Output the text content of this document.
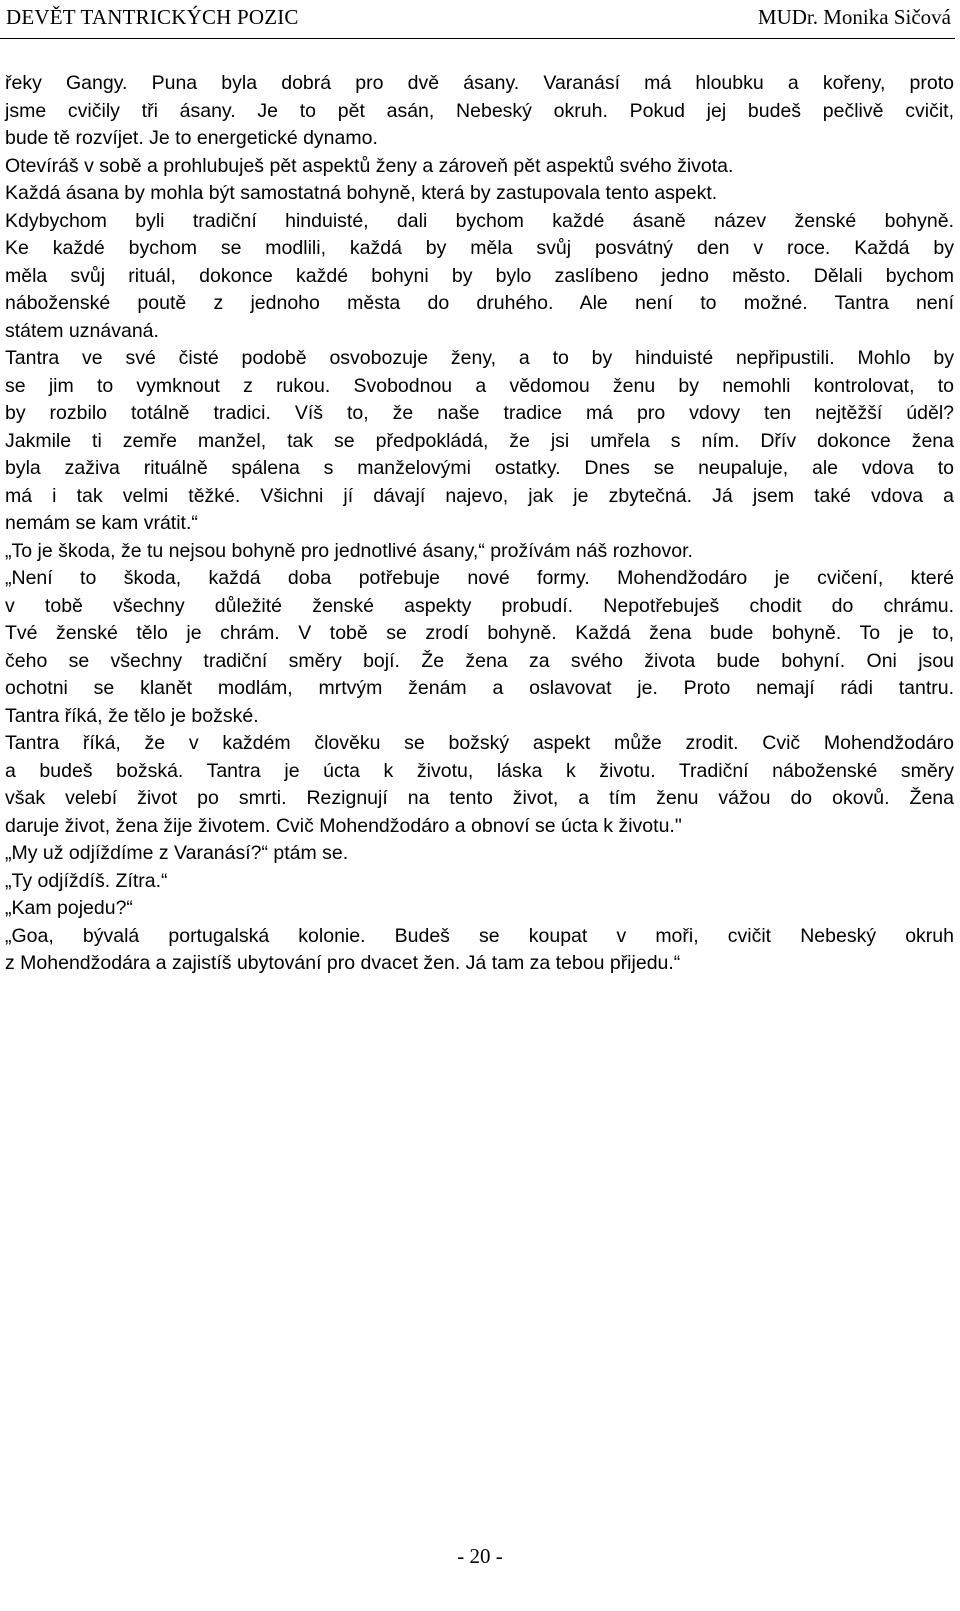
DEVĚT TANTRICKÝCH POZIC	MUDr. Monika Sičová
řeky Gangy. Puna byla dobrá pro dvě ásany. Varanásí má hloubku a kořeny, proto
jsme cvičily tři ásany. Je to pět asán, Nebeský okruh. Pokud jej budeš pečlivě cvičit,
bude tě rozvíjet. Je to energetické dynamo.
Otevíráš v sobě a prohlubuješ pět aspektů ženy a zároveň pět aspektů svého života.
Každá ásana by mohla být samostatná bohyně, která by zastupovala tento aspekt.
Kdybychom byli tradiční hinduisté, dali bychom každé ásaně název ženské bohyně.
Ke každé bychom se modlili, každá by měla svůj posvátný den v roce. Každá by
měla svůj rituál, dokonce každé bohyni by bylo zaslíbeno jedno město. Dělali bychom
náboženské poutě z jednoho města do druhého. Ale není to možné. Tantra není
státem uznávaná.
Tantra ve své čisté podobě osvobozuje ženy, a to by hinduisté nepřipustili. Mohlo by
se jim to vymknout z rukou. Svobodnou a vědomou ženu by nemohli kontrolovat, to
by rozbilo totálně tradici. Víš to, že naše tradice má pro vdovy ten nejtěžší úděl?
Jakmile ti zemře manžel, tak se předpokládá, že jsi umřela s ním. Dřív dokonce žena
byla zaživa rituálně spálena s manželovými ostatky. Dnes se neupaluje, ale vdova to
má i tak velmi těžké. Všichni jí dávají najevo, jak je zbytečná. Já jsem také vdova a
nemám se kam vrátit.“
„To je škoda, že tu nejsou bohyně pro jednotlivé ásany,“ prožívám náš rozhovor.
„Není to škoda, každá doba potřebuje nové formy. Mohendžodáro je cvičení, které
v tobě všechny důležité ženské aspekty probudí. Nepotřebuješ chodit do chrámu.
Tvé ženské tělo je chrám. V tobě se zrodí bohyně. Každá žena bude bohyně. To je to,
čeho se všechny tradiční směry bojí. Že žena za svého života bude bohyní. Oni jsou
ochotni se klanět modlám, mrtvým ženám a oslavovat je. Proto nemají rádi tantru.
Tantra říká, že tělo je božské.
Tantra říká, že v každém člověku se božský aspekt může zrodit. Cvič Mohendžodáro
a budeš božská. Tantra je úcta k životu, láska k životu. Tradiční náboženské směry
však velebí život po smrti. Rezignují na tento život, a tím ženu vážou do okovů. Žena
daruje život, žena žije životem. Cvič Mohendžodáro a obnoví se úcta k životu."
„My už odjíždíme z Varanásí?“ ptám se.
„Ty odjíždíš. Zítra.“
„Kam pojedu?“
„Goa, bývalá portugalská kolonie. Budeš se koupat v moři, cvičit Nebeský okruh
z Mohendžodára a zajistíš ubytování pro dvacet žen. Já tam za tebou přijedu.“
- 20 -
